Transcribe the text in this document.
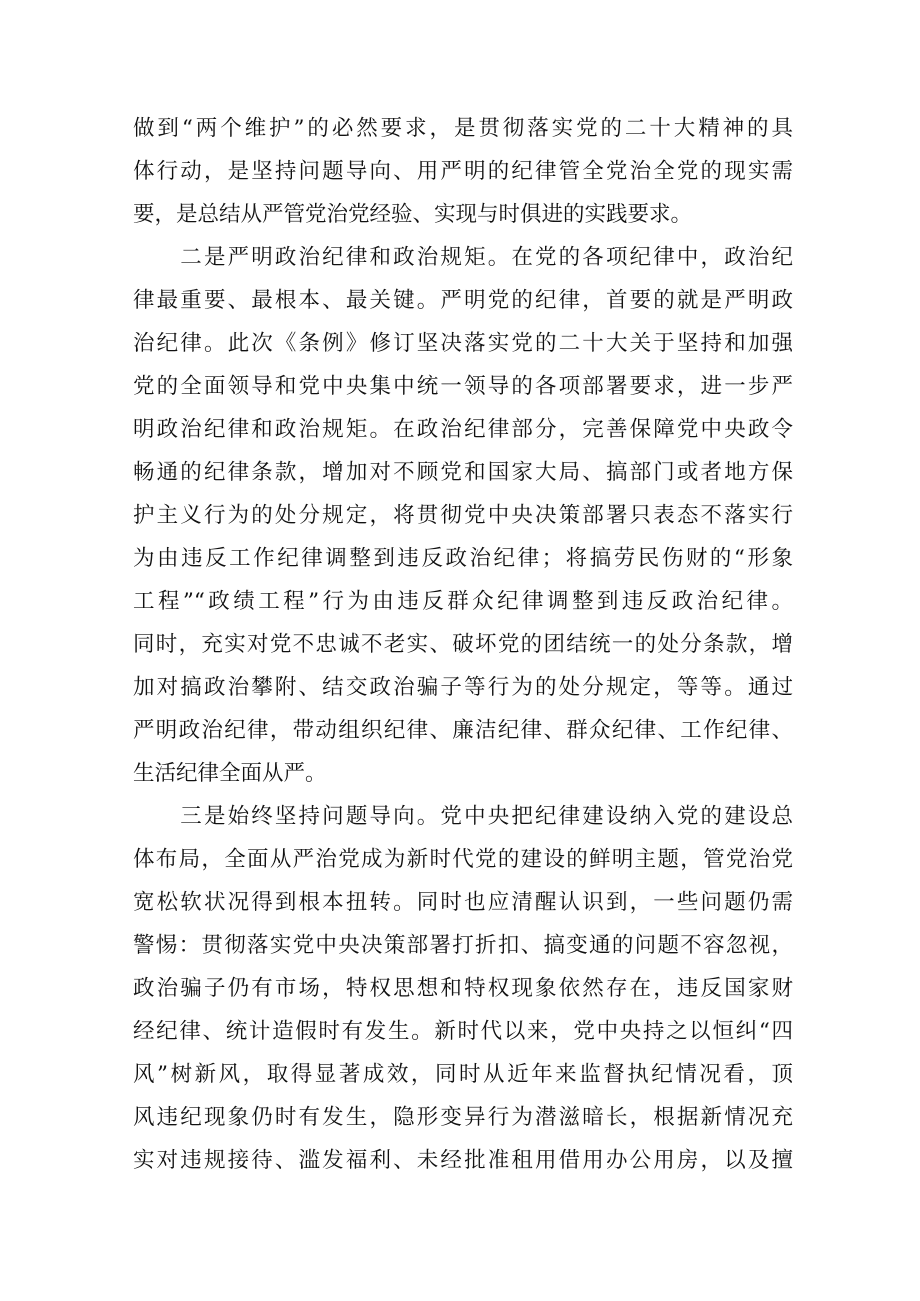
做到“两个维护”的必然要求，是贯彻落实党的二十大精神的具
体行动，是坚持问题导向、用严明的纪律管全党治全党的现实需
要，是总结从严管党治党经验、实现与时俱进的实践要求。
　　二是严明政治纪律和政治规矩。在党的各项纪律中，政治纪
律最重要、最根本、最关键。严明党的纪律，首要的就是严明政
治纪律。此次《条例》修订坚决落实党的二十大关于坚持和加强
党的全面领导和党中央集中统一领导的各项部署要求，进一步严
明政治纪律和政治规矩。在政治纪律部分，完善保障党中央政令
畅通的纪律条款，增加对不顾党和国家大局、搞部门或者地方保
护主义行为的处分规定，将贯彻党中央决策部署只表态不落实行
为由违反工作纪律调整到违反政治纪律；将搞劳民伤财的“形象
工程”“政绩工程”行为由违反群众纪律调整到违反政治纪律。
同时，充实对党不忠诚不老实、破坏党的团结统一的处分条款，增
加对搞政治攀附、结交政治骗子等行为的处分规定，等等。通过
严明政治纪律，带动组织纪律、廉洁纪律、群众纪律、工作纪律、
生活纪律全面从严。
　　三是始终坚持问题导向。党中央把纪律建设纳入党的建设总
体布局，全面从严治党成为新时代党的建设的鲜明主题，管党治党
宽松软状况得到根本扭转。同时也应清醒认识到，一些问题仍需
警惕：贯彻落实党中央决策部署打折扣、搞变通的问题不容忽视，
政治骗子仍有市场，特权思想和特权现象依然存在，违反国家财
经纪律、统计造假时有发生。新时代以来，党中央持之以恒纠“四
风”树新风，取得显著成效，同时从近年来监督执纪情况看，顶
风违纪现象仍时有发生，隐形变异行为潜滋暗长，根据新情况充
实对违规接待、滥发福利、未经批准租用借用办公用房，以及擅
